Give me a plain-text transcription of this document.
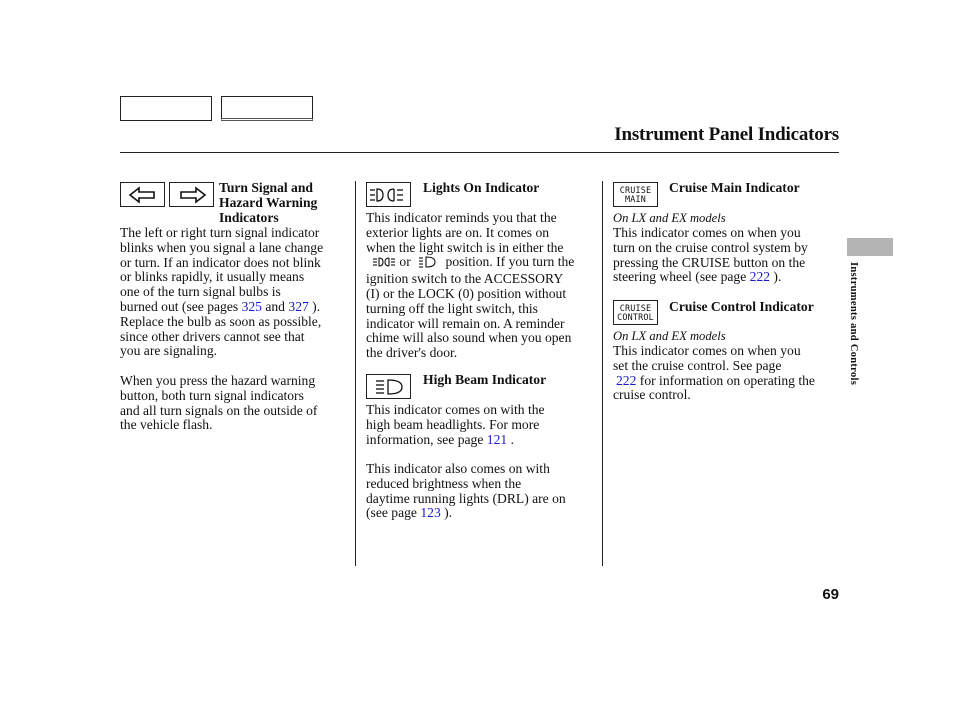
Instrument Panel Indicators
Turn Signal and
Hazard Warning
Indicators
The left or right turn signal indicator
blinks when you signal a lane change
or turn. If an indicator does not blink
or blinks rapidly, it usually means
one of the turn signal bulbs is
burned out (see pages 325 and 327 ).
Replace the bulb as soon as possible,
since other drivers cannot see that
you are signaling.
When you press the hazard warning
button, both turn signal indicators
and all turn signals on the outside of
the vehicle flash.
Lights On Indicator
This indicator reminds you that the
exterior lights are on. It comes on
when the light switch is in either the
or	position. If you turn the
ignition switch to the ACCESSORY
(I) or the LOCK (0) position without
turning off the light switch, this
indicator will remain on. A reminder
chime will also sound when you open
the driver's door.
High Beam Indicator
This indicator comes on with the
high beam headlights. For more
information, see page 121 .
This indicator also comes on with
reduced brightness when the
daytime running lights (DRL) are on
(see page 123 ).
CRUISE
MAIN
Cruise Main Indicator
On LX and EX models
This indicator comes on when you
turn on the cruise control system by
pressing the CRUISE button on the
steering wheel (see page 222 ).
CRUISE
CONTROL
Cruise Control Indicator
On LX and EX models
This indicator comes on when you
set the cruise control. See page
222 for information on operating the
cruise control.
Instruments and Controls
69
